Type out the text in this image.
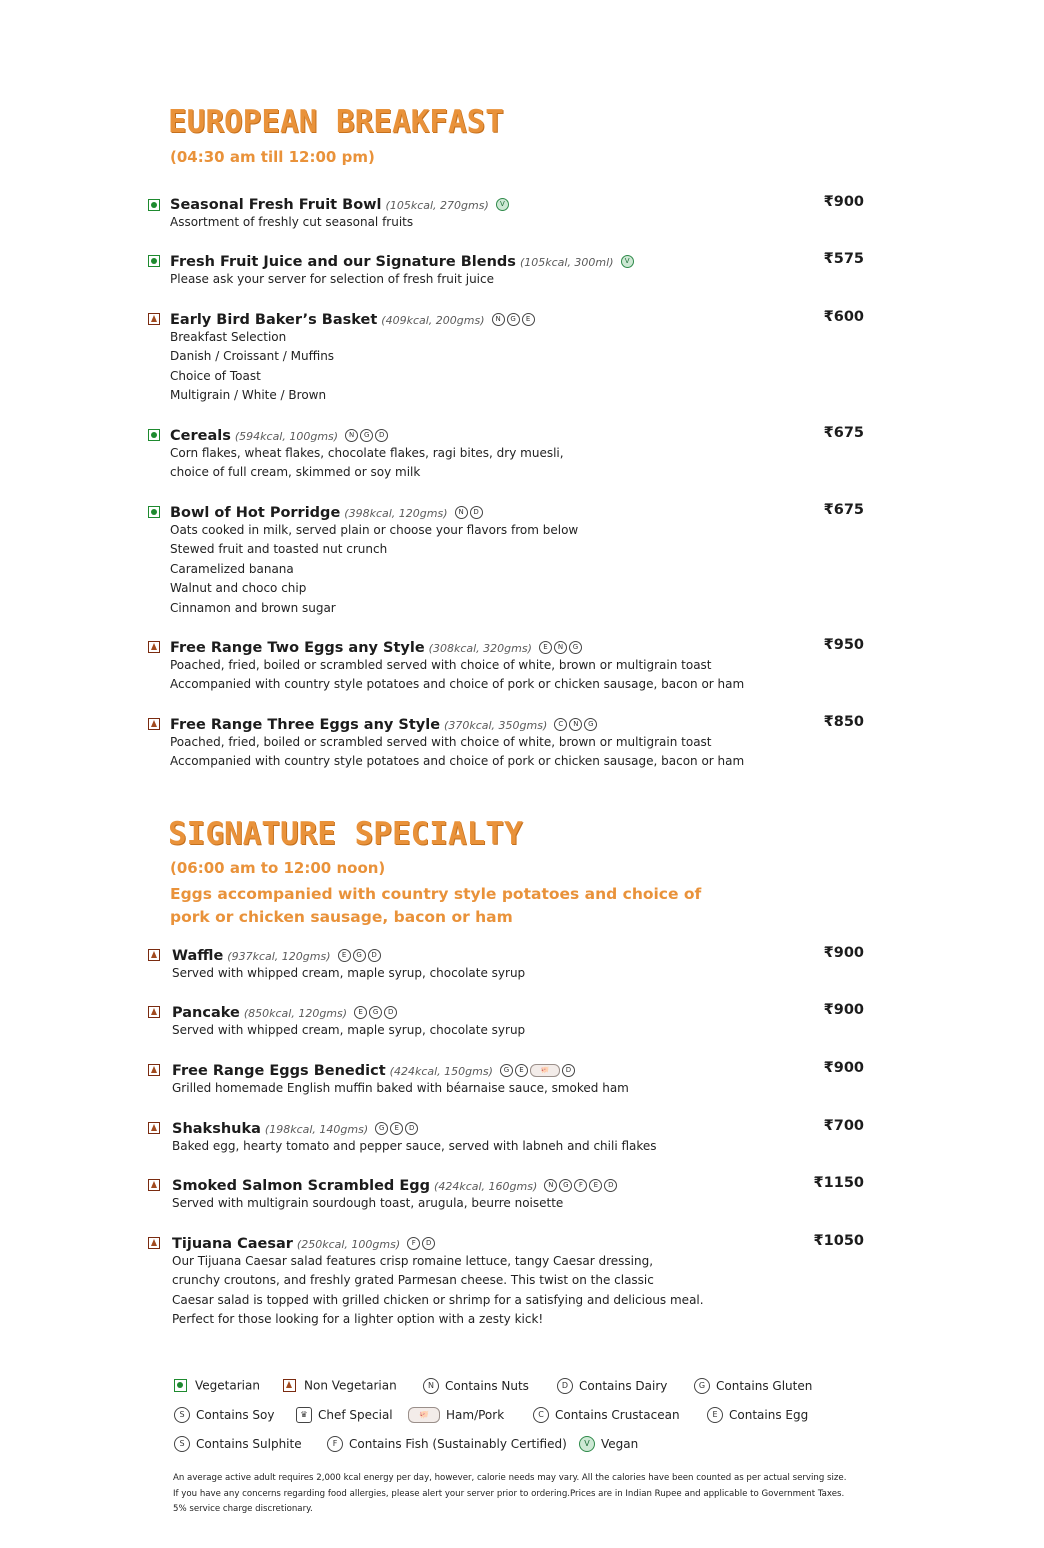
EUROPEAN BREAKFAST
(04:30 am till 12:00 pm)
Seasonal Fresh Fruit Bowl (105kcal, 270gms) V
Assortment of freshly cut seasonal fruits
₹900
Fresh Fruit Juice and our Signature Blends (105kcal, 300ml) V
Please ask your server for selection of fresh fruit juice
₹575
Early Bird Baker’s Basket (409kcal, 200gms) N G E
Breakfast Selection
Danish / Croissant / Muffins
Choice of Toast
Multigrain / White / Brown
₹600
Cereals (594kcal, 100gms) N G D
Corn flakes, wheat flakes, chocolate flakes, ragi bites, dry muesli,
choice of full cream, skimmed or soy milk
₹675
Bowl of Hot Porridge (398kcal, 120gms) N D
Oats cooked in milk, served plain or choose your flavors from below
Stewed fruit and toasted nut crunch
Caramelized banana
Walnut and choco chip
Cinnamon and brown sugar
₹675
Free Range Two Eggs any Style (308kcal, 320gms) E N G
Poached, fried, boiled or scrambled served with choice of white, brown or multigrain toast
Accompanied with country style potatoes and choice of pork or chicken sausage, bacon or ham
₹950
Free Range Three Eggs any Style (370kcal, 350gms) C N G
Poached, fried, boiled or scrambled served with choice of white, brown or multigrain toast
Accompanied with country style potatoes and choice of pork or chicken sausage, bacon or ham
₹850
SIGNATURE SPECIALTY
(06:00 am to 12:00 noon)
Eggs accompanied with country style potatoes and choice of
pork or chicken sausage, bacon or ham
Waffle (937kcal, 120gms) E G D
Served with whipped cream, maple syrup, chocolate syrup
₹900
Pancake (850kcal, 120gms) E G D
Served with whipped cream, maple syrup, chocolate syrup
₹900
Free Range Eggs Benedict (424kcal, 150gms) G E 🐖 D
Grilled homemade English muffin baked with béarnaise sauce, smoked ham
₹900
Shakshuka (198kcal, 140gms) G E D
Baked egg, hearty tomato and pepper sauce, served with labneh and chili flakes
₹700
Smoked Salmon Scrambled Egg (424kcal, 160gms) N G F E D
Served with multigrain sourdough toast, arugula, beurre noisette
₹1150
Tijuana Caesar (250kcal, 100gms) F D
Our Tijuana Caesar salad features crisp romaine lettuce, tangy Caesar dressing,
crunchy croutons, and freshly grated Parmesan cheese. This twist on the classic
Caesar salad is topped with grilled chicken or shrimp for a satisfying and delicious meal.
Perfect for those looking for a lighter option with a zesty kick!
₹1050
Vegetarian	Non Vegetarian	N Contains Nuts	D Contains Dairy	G Contains Gluten
S Contains Soy	♛ Chef Special	🐖 Ham/Pork	C Contains Crustacean	E Contains Egg
S Contains Sulphite	F Contains Fish (Sustainably Certified)	V Vegan
An average active adult requires 2,000 kcal energy per day, however, calorie needs may vary. All the calories have been counted as per actual serving size.
If you have any concerns regarding food allergies, please alert your server prior to ordering.Prices are in Indian Rupee and applicable to Government Taxes.
5% service charge discretionary.
